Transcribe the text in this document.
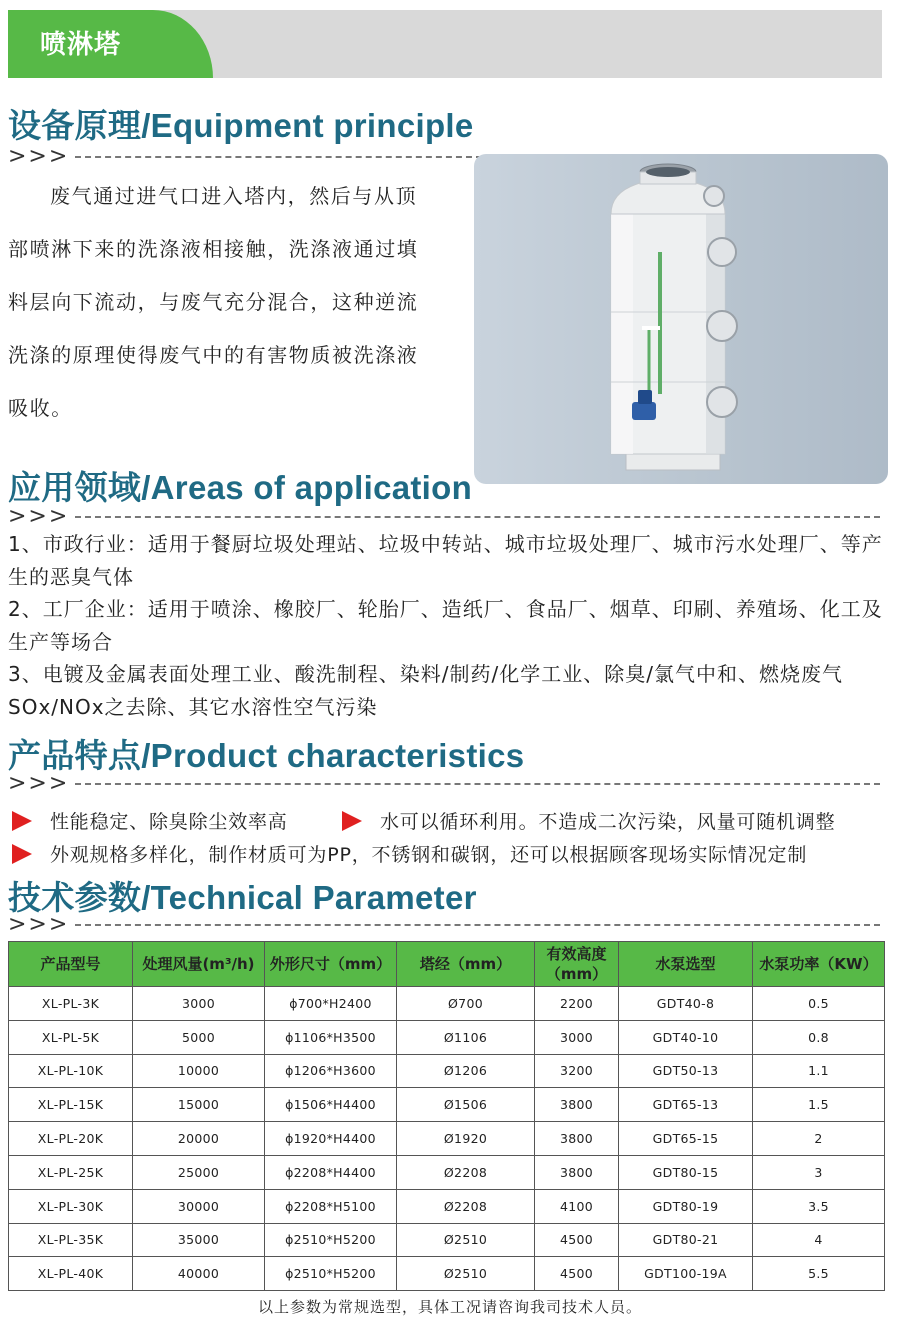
喷淋塔
设备原理/Equipment principle
>>>
废气通过进气口进入塔内，然后与从顶部喷淋下来的洗涤液相接触，洗涤液通过填料层向下流动，与废气充分混合，这种逆流洗涤的原理使得废气中的有害物质被洗涤液吸收。
应用领域/Areas of application
>>>

1、市政行业：适用于餐厨垃圾处理站、垃圾中转站、城市垃圾处理厂、城市污水处理厂、等产生的恶臭气体

2、工厂企业：适用于喷涂、橡胶厂、轮胎厂、造纸厂、食品厂、烟草、印刷、养殖场、化工及生产等场合

3、电镀及金属表面处理工业、酸洗制程、染料/制药/化学工业、除臭/氯气中和、燃烧废气SOx/NOx之去除、其它水溶性空气污染

产品特点/Product characteristics
>>>
性能稳定、除臭除尘效率高	水可以循环利用。不造成二次污染，风量可随机调整
外观规格多样化，制作材质可为PP，不锈钢和碳钢，还可以根据顾客现场实际情况定制
技术参数/Technical Parameter
>>>
产品型号	处理风量(m³/h)	外形尺寸（mm）	塔经（mm）	有效高度（mm）	水泵选型	水泵功率（KW）
XL-PL-3K	3000	ϕ700*H2400	Ø700	2200	GDT40-8	0.5
XL-PL-5K	5000	ϕ1106*H3500	Ø1106	3000	GDT40-10	0.8
XL-PL-10K	10000	ϕ1206*H3600	Ø1206	3200	GDT50-13	1.1
XL-PL-15K	15000	ϕ1506*H4400	Ø1506	3800	GDT65-13	1.5
XL-PL-20K	20000	ϕ1920*H4400	Ø1920	3800	GDT65-15	2
XL-PL-25K	25000	ϕ2208*H4400	Ø2208	3800	GDT80-15	3
XL-PL-30K	30000	ϕ2208*H5100	Ø2208	4100	GDT80-19	3.5
XL-PL-35K	35000	ϕ2510*H5200	Ø2510	4500	GDT80-21	4
XL-PL-40K	40000	ϕ2510*H5200	Ø2510	4500	GDT100-19A	5.5
以上参数为常规选型，具体工况请咨询我司技术人员。
